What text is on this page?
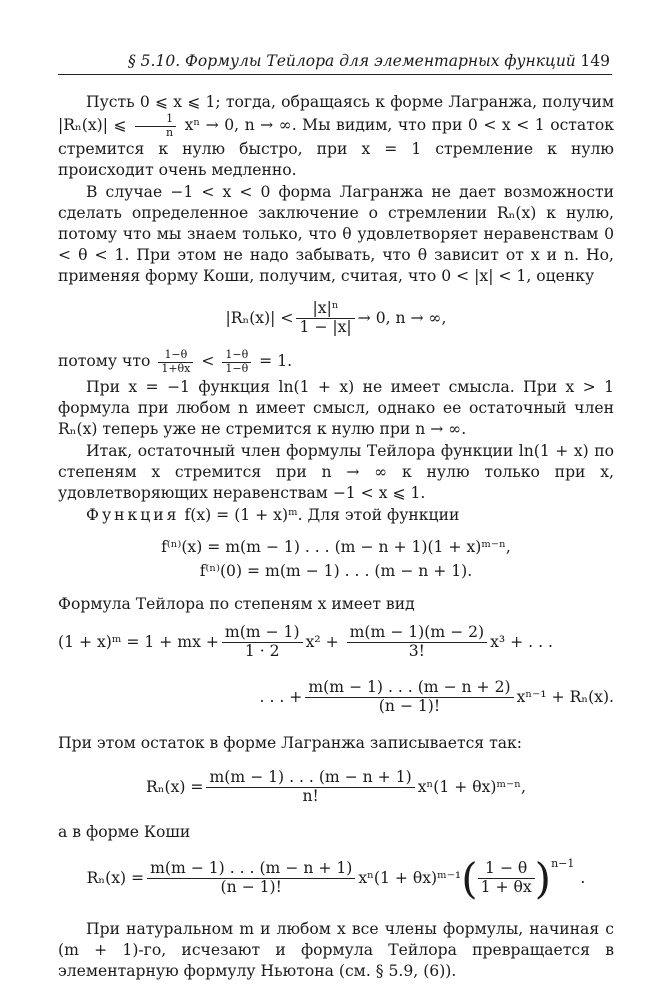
§ 5.10. Формулы Тейлора для элементарных функций 149

Пусть 0 ⩽ x ⩽ 1; тогда, обращаясь к форме Лагранжа, получим |Rₙ(x)| ⩽ $\frac{1}{n}$ xⁿ → 0, n → ∞. Мы видим, что при 0 < x < 1 остаток стремится к нулю быстро, при x = 1 стремление к нулю происходит очень медленно.

В случае −1 < x < 0 форма Лагранжа не дает возможности сделать определенное заключение о стремлении Rₙ(x) к нулю, потому что мы знаем только, что θ удовлетворяет неравенствам 0 < θ < 1. При этом не надо забывать, что θ зависит от x и n. Но, применяя форму Коши, получим, считая, что 0 < |x| < 1, оценку

$|R_n(x)| < \frac{\text{|x|ⁿ}}{1 - |x|} \to 0$, n → ∞,

потому что $\frac{1-\theta}{1+\theta x} < \frac{1-\theta}{1-\theta} = 1$.

При x = −1 функция ln(1 + x) не имеет смысла. При x > 1 формула при любом n имеет смысл, однако ее остаточный член Rₙ(x) теперь уже не стремится к нулю при n → ∞.

Итак, остаточный член формулы Тейлора функции ln(1 + x) по степеням x стремится при n → ∞ к нулю только при x, удовлетворяющих неравенствам −1 < x ⩽ 1.

Функция f(x) = (1 + x)ᵐ. Для этой функции

f⁽ⁿ⁾(x) = m(m − 1) . . . (m − n + 1)(1 + x)ᵐ⁻ⁿ,
f⁽ⁿ⁾(0) = m(m − 1) . . . (m − n + 1).

Формула Тейлора по степеням x имеет вид

(1 + x)ᵐ = 1 + mx + $\frac{m(m - 1)}{1 \cdot 2} x^2$ +
$\frac{m(m - 1)(m - 2)}{3!} x^3$ + . . .
. . . + $\frac{m(m - 1) . . . (m - n + 2)}{(n - 1)!} x^{n-1} + R_n(x)$.

При этом остаток в форме Лагранжа записывается так:

$R_n(x) = \frac{m(m - 1) . . . (m - n + 1)}{n!} x^n(1$ + θx)ᵐ⁻ⁿ,

а в форме Коши

$R_n(x) = \frac{m(m - 1) . . . (m - n + 1)}{(n - 1)!} x^n(1$ + θx)ᵐ⁻¹ ( $\frac{1 - \theta}{1 + \theta x}$ ) n−1
.

При натуральном m и любом x все члены формулы, начиная с (m + 1)-го, исчезают и формула Тейлора превращается в элементарную формулу Ньютона (см. § 5.9, (6)).
